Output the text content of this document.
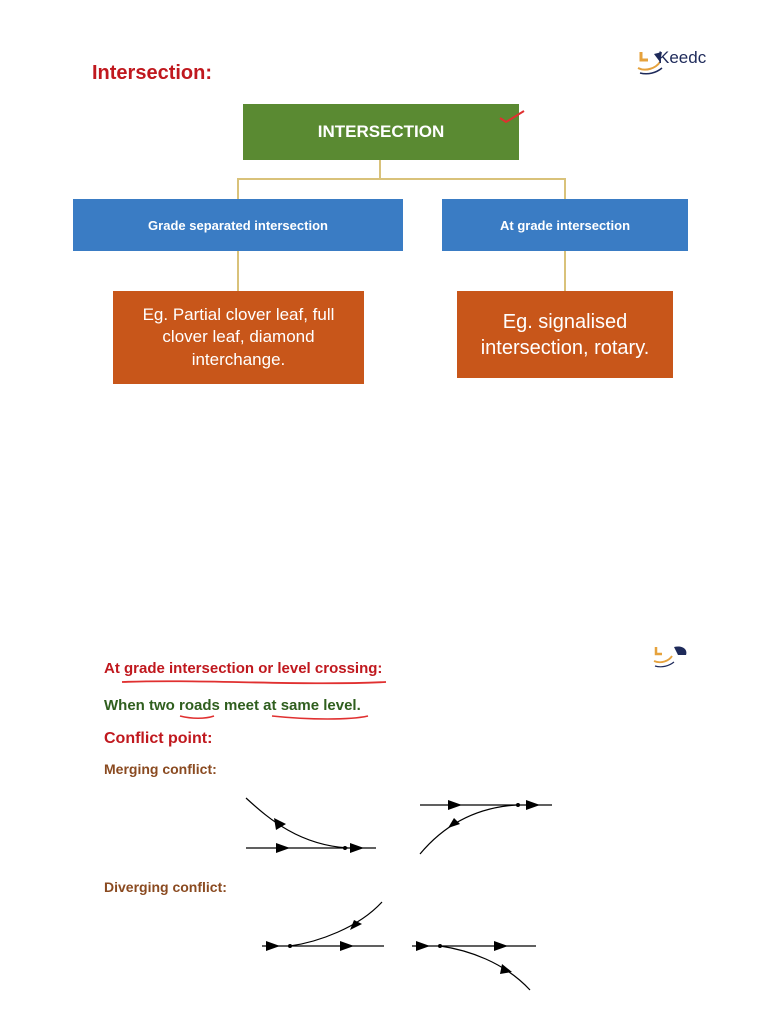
Intersection:
Keedc
INTERSECTION
Grade separated intersection	At grade intersection
Eg. Partial clover leaf, full clover leaf, diamond interchange.
Eg. signalised intersection, rotary.
At grade intersection or level crossing:
When two roads meet at same level.
Conflict point:
Merging conflict:
Diverging conflict:
